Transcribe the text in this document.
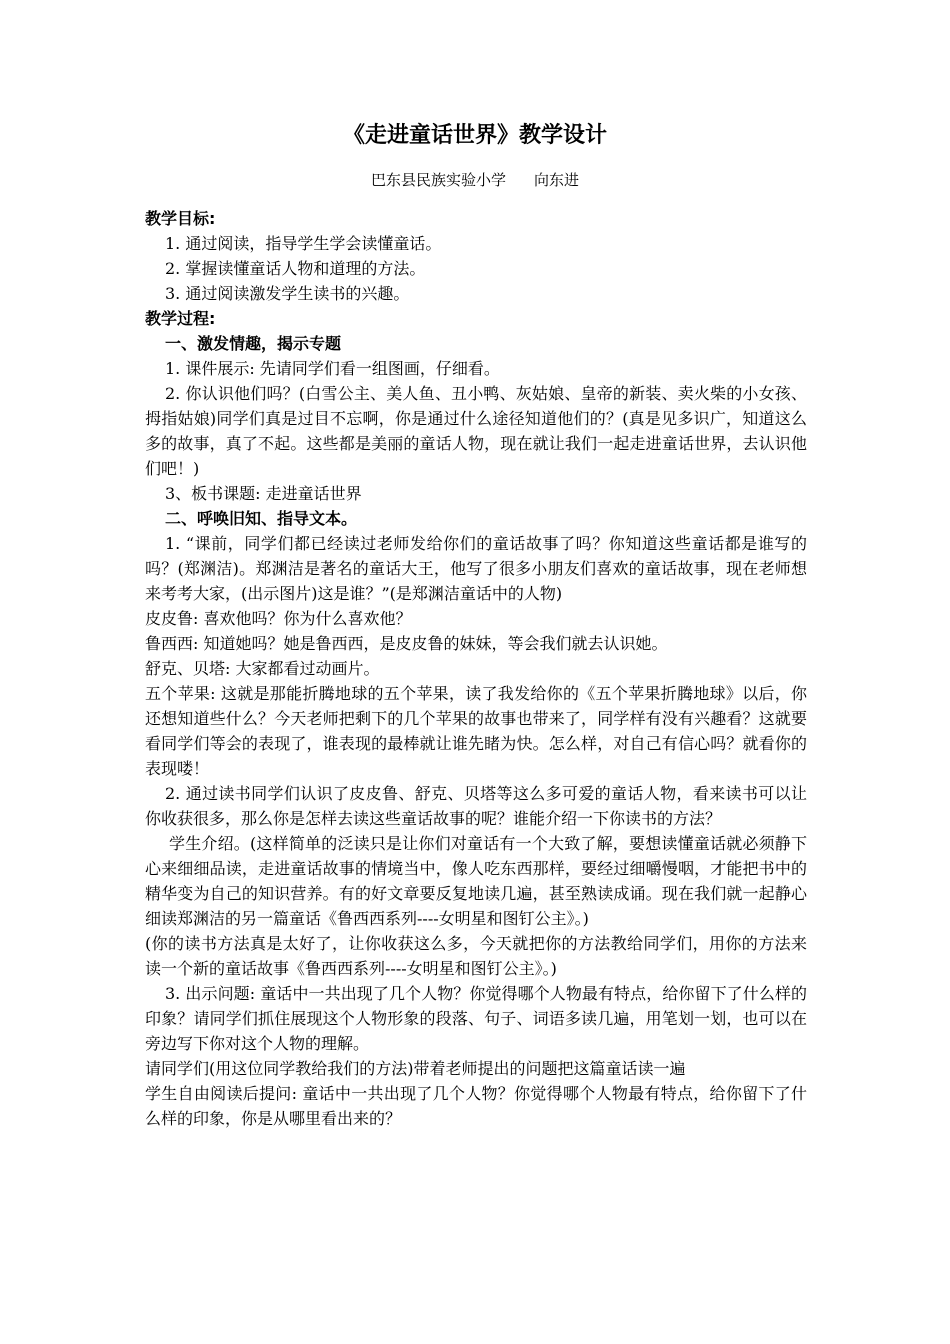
《走进童话世界》教学设计
巴东县民族实验小学 向东进

教学目标:

1. 通过阅读，指导学生学会读懂童话。

2. 掌握读懂童话人物和道理的方法。

3. 通过阅读激发学生读书的兴趣。

教学过程:

一、激发情趣，揭示专题

1. 课件展示: 先请同学们看一组图画，仔细看。

2. 你认识他们吗？(白雪公主、美人鱼、丑小鸭、灰姑娘、皇帝的新装、卖火柴的小女孩、拇指姑娘)同学们真是过目不忘啊，你是通过什么途径知道他们的？(真是见多识广，知道这么多的故事，真了不起。这些都是美丽的童话人物，现在就让我们一起走进童话世界，去认识他们吧！)

3、板书课题: 走进童话世界

二、呼唤旧知、指导文本。

1. “课前，同学们都已经读过老师发给你们的童话故事了吗？你知道这些童话都是谁写的吗？(郑渊洁)。郑渊洁是著名的童话大王，他写了很多小朋友们喜欢的童话故事，现在老师想来考考大家，(出示图片)这是谁？”(是郑渊洁童话中的人物)

皮皮鲁: 喜欢他吗？你为什么喜欢他？

鲁西西: 知道她吗？她是鲁西西，是皮皮鲁的妹妹，等会我们就去认识她。

舒克、贝塔: 大家都看过动画片。

五个苹果: 这就是那能折腾地球的五个苹果，读了我发给你的《五个苹果折腾地球》以后，你还想知道些什么？今天老师把剩下的几个苹果的故事也带来了，同学样有没有兴趣看？这就要看同学们等会的表现了，谁表现的最棒就让谁先睹为快。怎么样，对自己有信心吗？就看你的表现喽！

2. 通过读书同学们认识了皮皮鲁、舒克、贝塔等这么多可爱的童话人物，看来读书可以让你收获很多，那么你是怎样去读这些童话故事的呢？谁能介绍一下你读书的方法？

学生介绍。(这样简单的泛读只是让你们对童话有一个大致了解，要想读懂童话就必须静下心来细细品读，走进童话故事的情境当中，像人吃东西那样，要经过细嚼慢咽，才能把书中的精华变为自己的知识营养。有的好文章要反复地读几遍，甚至熟读成诵。现在我们就一起静心细读郑渊洁的另一篇童话《鲁西西系列----女明星和图钉公主》。)

(你的读书方法真是太好了，让你收获这么多，今天就把你的方法教给同学们，用你的方法来读一个新的童话故事《鲁西西系列----女明星和图钉公主》。)

3. 出示问题: 童话中一共出现了几个人物？你觉得哪个人物最有特点，给你留下了什么样的印象？请同学们抓住展现这个人物形象的段落、句子、词语多读几遍，用笔划一划，也可以在旁边写下你对这个人物的理解。

请同学们(用这位同学教给我们的方法)带着老师提出的问题把这篇童话读一遍

学生自由阅读后提问: 童话中一共出现了几个人物？你觉得哪个人物最有特点，给你留下了什么样的印象，你是从哪里看出来的？
